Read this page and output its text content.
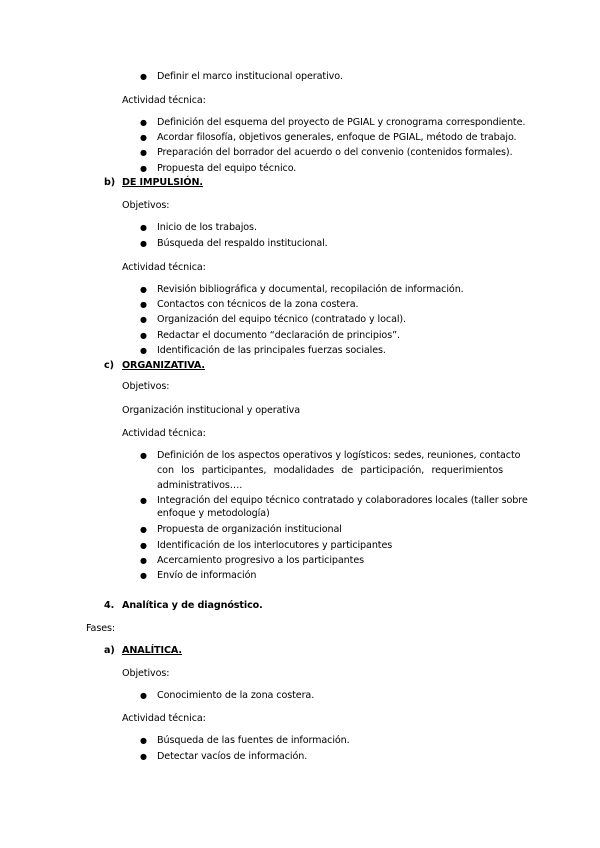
● Definir el marco institucional operativo.
Actividad técnica:
● Definición del esquema del proyecto de PGIAL y cronograma correspondiente.
● Acordar filosofía, objetivos generales, enfoque de PGIAL, método de trabajo.
● Preparación del borrador del acuerdo o del convenio (contenidos formales).
● Propuesta del equipo técnico.
b) DE IMPULSIÓN.
Objetivos:
● Inicio de los trabajos.
● Búsqueda del respaldo institucional.
Actividad técnica:
● Revisión bibliográfica y documental, recopilación de información.
● Contactos con técnicos de la zona costera.
● Organización del equipo técnico (contratado y local).
● Redactar el documento “declaración de principios”.
● Identificación de las principales fuerzas sociales.
c) ORGANIZATIVA.
Objetivos:
Organización institucional y operativa
Actividad técnica:
● Definición de los aspectos operativos y logísticos: sedes, reuniones, contacto
con los participantes, modalidades de participación, requerimientos
administrativos….
● Integración del equipo técnico contratado y colaboradores locales (taller sobre
enfoque y metodología)
● Propuesta de organización institucional
● Identificación de los interlocutores y participantes
● Acercamiento progresivo a los participantes
● Envío de información
4. Analítica y de diagnóstico.
Fases:
a) ANALÍTICA.
Objetivos:
● Conocimiento de la zona costera.
Actividad técnica:
● Búsqueda de las fuentes de información.
● Detectar vacíos de información.
